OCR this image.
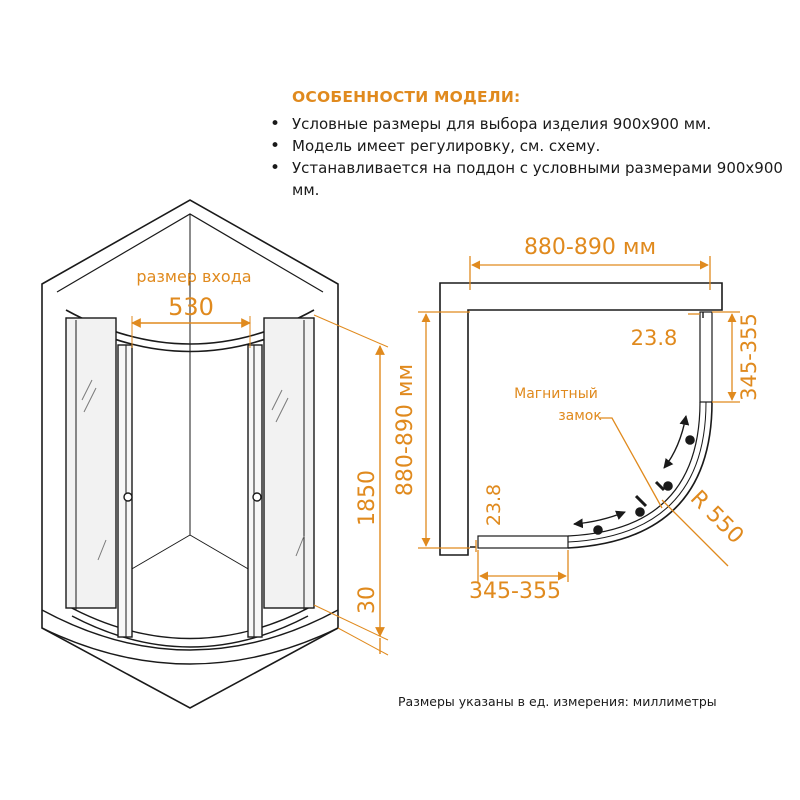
ОСОБЕННОСТИ МОДЕЛИ:
• Условные размеры для выбора изделия 900х900 мм.
• Модель имеет регулировку, см. схему.
• Устанавливается на поддон с условными размерами 900х900 мм.
размер входа
530
1850
30
880-890 мм
880-890 мм
345-355
345-355
23.8
23.8	R 550
Магнитный
замок
Размеры указаны в ед. измерения: миллиметры
